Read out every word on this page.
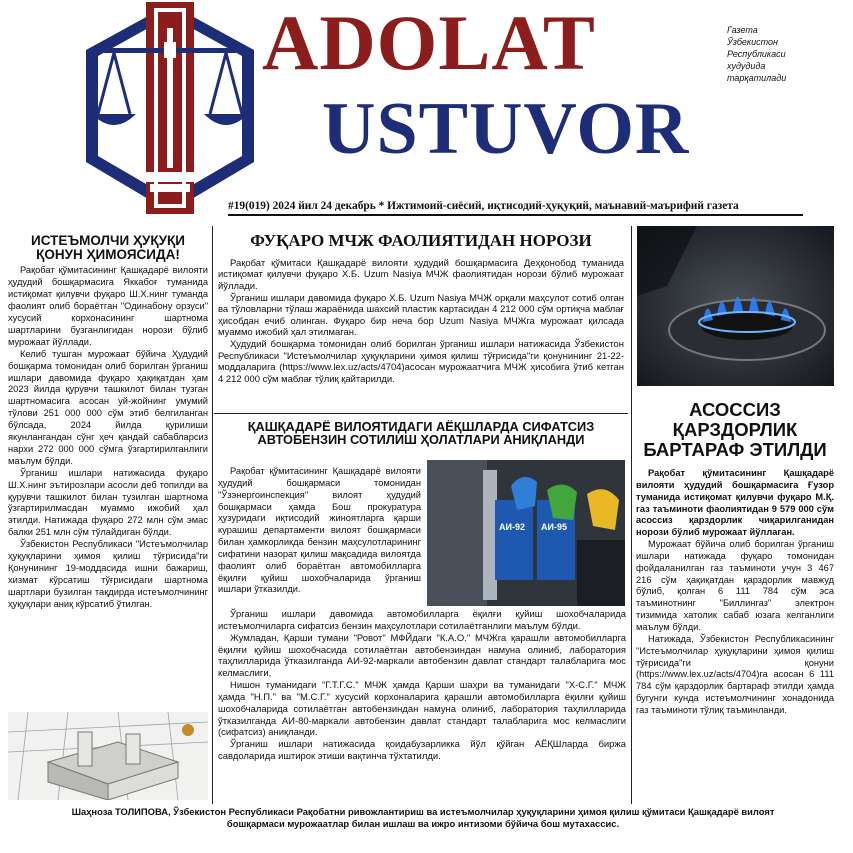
ADOLAT
USTUVOR
Газета
Ўзбекистон
Республикаси
худудида
тарқатилади
#19(019) 2024 йил 24 декабрь * Ижтимоий-сиёсий, иқтисодий-ҳуқуқий, маънавий-маърифий газета
ИСТЕЪМОЛЧИ ҲУҚУҚИ
ҚОНУН ҲИМОЯСИДА!

Рақобат қўмитасининг Қашқадарё вилояти ҳудудий бошқармасига Яккабоғ туманида истиқомат қилувчи фуқаро Ш.Х.нинг туманда фаолият олиб бораётган "Одинабону орзуси" хусусий корхонасининг шартнома шартларини бузганлигидан норози бўлиб мурожаат йўллади.

Келиб тушган мурожаат бўйича Ҳудудий бошқарма томонидан олиб борилган ўрганиш ишлари давомида фуқаро ҳақиқатдан ҳам 2023 йилда қурувчи ташкилот билан тузган шартномасига асосан уй-жойнинг умумий тўлови 251 000 000 сўм этиб белгиланган бўлсада, 2024 йилда қурилиши якунлангандан сўнг ҳеч қандай сабабларсиз нархи 272 000 000 сўмга ўзгартирилганлиги маълум бўлди.

Ўрганиш ишлари натижасида фуқаро Ш.Х.нинг эътирозлари асосли деб топилди ва қурувчи ташкилот билан тузилган шартнома ўзгартирилмасдан муаммо ижобий ҳал этилди. Натижада фуқаро 272 млн сўм эмас балки 251 млн сўм тўлайдиган бўлди.

Ўзбекистон Республикаси "Истеъмолчилар ҳуқуқларини ҳимоя қилиш тўғрисида"ги Қонунининг 19-моддасида ишни бажариш, хизмат кўрсатиш тўғрисидаги шартнома шартлари бузилган тақдирда истеъмолчининг ҳуқуқлари аниқ кўрсатиб ўтилган.

ФУҚАРО МЧЖ ФАОЛИЯТИДАН НОРОЗИ

Рақобат қўмитаси Қашқадарё вилояти ҳудудий бошқармасига Деҳқонобод туманида истиқомат қилувчи фуқаро Х.Б. Uzum Nasiya МЧЖ фаолиятидан норози бўлиб мурожаат йўллади.

Ўрганиш ишлари давомида фуқаро Х.Б. Uzum Nasiya МЧЖ орқали маҳсулот сотиб олган ва тўловларни тўлаш жараёнида шахсий пластик картасидан 4 212 000 сўм ортиқча маблағ ҳисобдан ечиб олинган. Фуқаро бир неча бор Uzum Nasiya МЧЖга мурожаат қилсада муаммо ижобий ҳал этилмаган.

Ҳудудий бошқарма томонидан олиб борилган ўрганиш ишлари натижасида Ўзбекистон Республикаси "Истеъмолчилар ҳуқуқларини ҳимоя қилиш тўғрисида"ги қонунининг 21-22-моддаларига (https://www.lex.uz/acts/4704)асосан мурожаатчига МЧЖ ҳисобига ўтиб кетган 4 212 000 сўм маблағ тўлиқ қайтарилди.

ҚАШҚАДАРЁ ВИЛОЯТИДАГИ АЁҚШЛАРДА СИФАТСИЗ
АВТОБЕНЗИН СОТИЛИШ ҲОЛАТЛАРИ АНИҚЛАНДИ

Рақобат қўмитасининг Қашқадарё вилояти ҳудудий бошқармаси томонидан "Ўзэнергоинспекция" вилоят ҳудудий бошқармаси ҳамда Бош прокуратура ҳузуридаги иқтисодий жиноятларга қарши курашиш департаменти вилоят бошқармаси билан ҳамкорликда бензин маҳсулотларининг сифатини назорат қилиш мақсадида вилоятда фаолият олиб бораётган автомобилларга ёқилғи қуйиш шохобчаларида ўрганиш ишлари ўтказилди.

АИ-92 АИ-95

Ўрганиш ишлари давомида автомобилларга ёқилғи қуйиш шохобчаларида истеъмолчиларга сифатсиз бензин маҳсулотлари сотилаётганлиги маълум бўлди.

Жумладан, Қарши тумани "Ровот" МФЙдаги "К.А.О." МЧЖга қарашли автомобилларга ёқилғи қуйиш шохобчасида сотилаётган автобензиндан намуна олиниб, лаборатория таҳлилларида ўтказилганда АИ-92-маркали автобензин давлат стандарт талабларига мос келмаслиги,

Нишон туманидаги "Г.Т.Г.С." МЧЖ ҳамда Қарши шаҳри ва туманидаги "Х-С.Г." МЧЖ ҳамда "Н.П." ва "М.С.Г." хусусий корхоналарига қарашли автомобилларга ёқилғи қуйиш шохобчаларида сотилаётган автобензиндан намуна олиниб, лаборатория таҳлилларида ўтказилганда АИ-80-маркали автобензин давлат стандарт талабларига мос келмаслиги (сифатсиз) аниқланди.

Ўрганиш ишлари натижасида қоидабузарликка йўл қўйган АЁҚШларда биржа савдоларида иштирок этиши вақтинча тўхтатилди.

АСОССИЗ
ҚАРЗДОРЛИК
БАРТАРАФ ЭТИЛДИ

Рақобат қўмитасининг Қашқадарё вилояти ҳудудий бошқармасига Ғузор туманида истиқомат қилувчи фуқаро М.Қ. газ таъминоти фаолиятидан 9 579 000 сўм асоссиз қарздорлик чиқарилганидан норози бўлиб мурожаат йўллаган.

Мурожаат бўйича олиб борилган ўрганиш ишлари натижада фуқаро томонидан фойдаланилган газ таъминоти учун 3 467 216 сўм ҳақиқатдан қарздорлик мавжуд бўлиб, қолган 6 111 784 сўм эса таъминотнинг "Биллингаз" электрон тизимида хатолик сабаб юзага келганлиги маълум бўлди.

Натижада, Ўзбекистон Республикасининг "Истеъмолчилар ҳуқуқларини ҳимоя қилиш тўғрисида"ги қонуни (https://www.lex.uz/acts/4704)га асосан 6 111 784 сўм қарздорлик бартараф этилди ҳамда бугунги кунда истеъмолчининг хонадонида газ таъминоти тўлиқ таъминланди.

Шаҳноза ТОЛИПОВА, Ўзбекистон Республикаси Рақобатни ривожлантириш ва истеъмолчилар ҳуқуқларини ҳимоя қилиш қўмитаси Қашқадарё вилоят
бошқармаси мурожаатлар билан ишлаш ва ижро интизоми бўйича бош мутахассис.
